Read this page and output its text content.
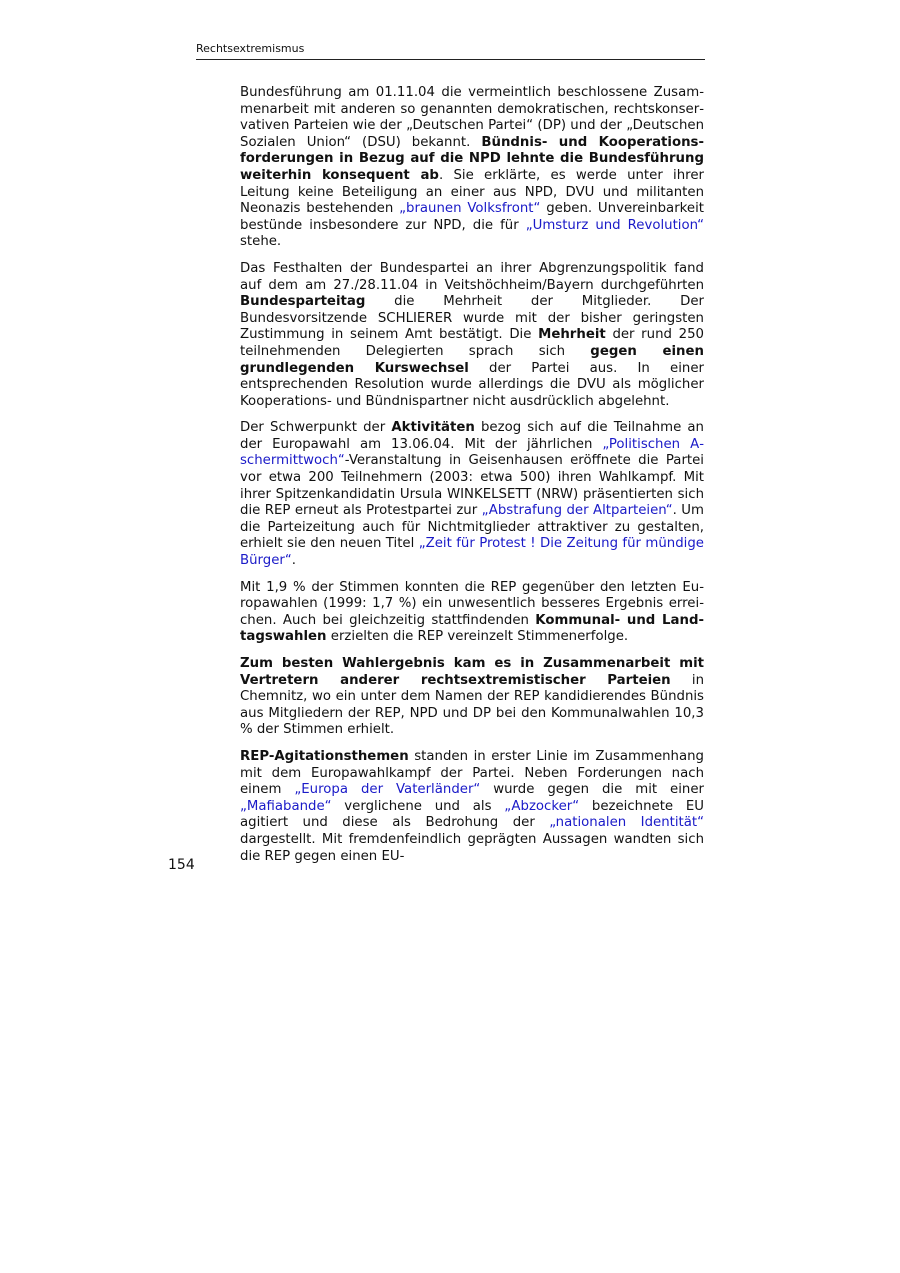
Rechtsextremismus

Bundesführung am 01.11.04 die vermeintlich beschlossene Zusammenarbeit mit anderen so genannten demokratischen, rechtskonservativen Parteien wie der „Deutschen Partei“ (DP) und der „Deutschen Sozialen Union“ (DSU) bekannt. Bündnis- und Kooperationsforderungen in Bezug auf die NPD lehnte die Bundesführung weiterhin konsequent ab. Sie erklärte, es werde unter ihrer Leitung keine Beteiligung an einer aus NPD, DVU und militanten Neonazis bestehenden „braunen Volksfront“ geben. Unvereinbarkeit bestünde insbesondere zur NPD, die für „Umsturz und Revolution“ stehe.

Das Festhalten der Bundespartei an ihrer Abgrenzungspolitik fand auf dem am 27./28.11.04 in Veitshöchheim/Bayern durchgeführten Bundesparteitag die Mehrheit der Mitglieder. Der Bundesvorsitzende SCHLIERER wurde mit der bisher geringsten Zustimmung in seinem Amt bestätigt. Die Mehrheit der rund 250 teilnehmenden Delegierten sprach sich gegen einen grundlegenden Kurswechsel der Partei aus. In einer entsprechenden Resolution wurde allerdings die DVU als möglicher Kooperations- und Bündnispartner nicht ausdrücklich abgelehnt.

Der Schwerpunkt der Aktivitäten bezog sich auf die Teilnahme an der Europawahl am 13.06.04. Mit der jährlichen „Politischen Aschermittwoch“-Veranstaltung in Geisenhausen eröffnete die Partei vor etwa 200 Teilnehmern (2003: etwa 500) ihren Wahlkampf. Mit ihrer Spitzenkandidatin Ursula WINKELSETT (NRW) präsentierten sich die REP erneut als Protestpartei zur „Abstrafung der Altparteien“. Um die Parteizeitung auch für Nichtmitglieder attraktiver zu gestalten, erhielt sie den neuen Titel „Zeit für Protest ! Die Zeitung für mündige Bürger“.

Mit 1,9 % der Stimmen konnten die REP gegenüber den letzten Europawahlen (1999: 1,7 %) ein unwesentlich besseres Ergebnis erreichen. Auch bei gleichzeitig stattfindenden Kommunal- und Landtagswahlen erzielten die REP vereinzelt Stimmenerfolge.

Zum besten Wahlergebnis kam es in Zusammenarbeit mit Vertretern anderer rechtsextremistischer Parteien in Chemnitz, wo ein unter dem Namen der REP kandidierendes Bündnis aus Mitgliedern der REP, NPD und DP bei den Kommunalwahlen 10,3 % der Stimmen erhielt.

REP-Agitationsthemen standen in erster Linie im Zusammenhang mit dem Europawahlkampf der Partei. Neben Forderungen nach einem „Europa der Vaterländer“ wurde gegen die mit einer „Mafiabande“ verglichene und als „Abzocker“ bezeichnete EU agitiert und diese als Bedrohung der „nationalen Identität“ dargestellt. Mit fremdenfeindlich geprägten Aussagen wandten sich die REP gegen einen EU-

154
